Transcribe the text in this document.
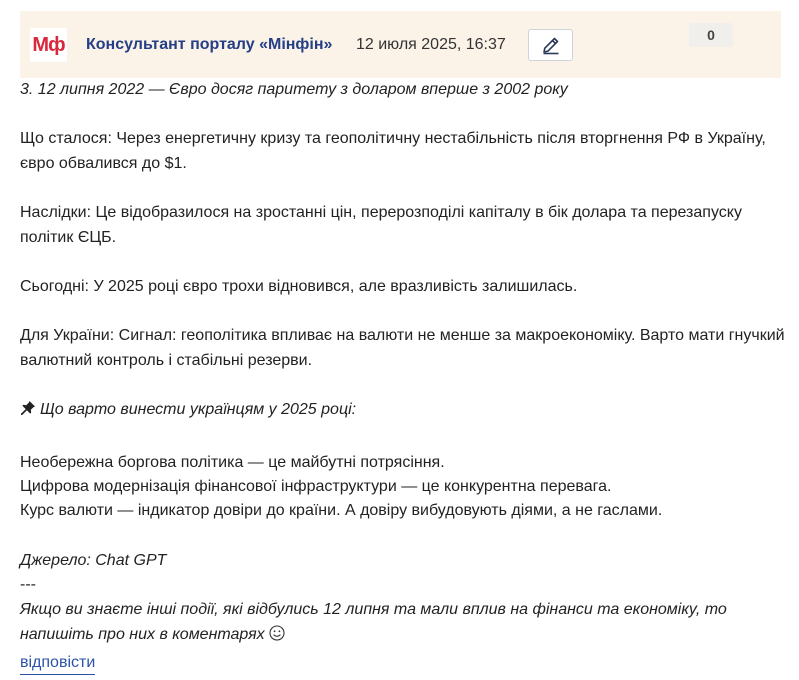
Мф Консультант порталу «Мінфін» 12 июля 2025, 16:37
0
3. 12 липня 2022 — Євро досяг паритету з доларом вперше з 2002 року
Що сталося: Через енергетичну кризу та геополітичну нестабільність після вторгнення РФ в Україну, євро обвалився до $1.
Наслідки: Це відобразилося на зростанні цін, перерозподілі капіталу в бік долара та перезапуску політик ЄЦБ.
Сьогодні: У 2025 році євро трохи відновився, але вразливість залишилась.
Для України: Сигнал: геополітика впливає на валюти не менше за макроекономіку. Варто мати гнучкий валютний контроль і стабільні резерви.
Що варто винести українцям у 2025 році:
Необережна боргова політика — це майбутні потрясіння.
Цифрова модернізація фінансової інфраструктури — це конкурентна перевага.
Курс валюти — індикатор довіри до країни. А довіру вибудовують діями, а не гаслами.
Джерело: Chat GPT
---
Якщо ви знаєте інші події, які відбулись 12 липня та мали вплив на фінанси та економіку, то напишіть про них в коментарях
відповісти
